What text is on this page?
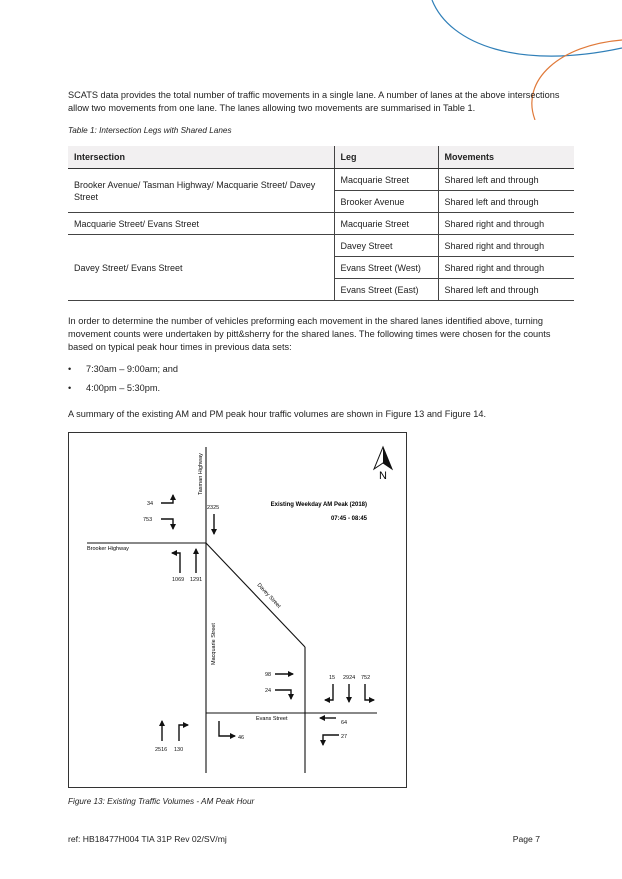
SCATS data provides the total number of traffic movements in a single lane. A number of lanes at the above intersections allow two movements from one lane. The lanes allowing two movements are summarised in Table 1.

Table 1: Intersection Legs with Shared Lanes

Intersection	Leg	Movements
Brooker Avenue/ Tasman Highway/ Macquarie Street/ Davey Street	Macquarie Street	Shared left and through
	Brooker Avenue	Shared left and through
Macquarie Street/ Evans Street	Macquarie Street	Shared right and through
Davey Street/ Evans Street	Davey Street	Shared right and through
	Evans Street (West)	Shared right and through
	Evans Street (East)	Shared left and through

In order to determine the number of vehicles preforming each movement in the shared lanes identified above, turning movement counts were undertaken by pitt&sherry for the shared lanes. The following times were chosen for the counts based on typical peak hour times in previous data sets:

• 7:30am – 9:00am; and
• 4:00pm – 5:30pm.

A summary of the existing AM and PM peak hour traffic volumes are shown in Figure 13 and Figure 14.

N
Existing Weekday AM Peak (2018)
07:45 - 08:45
Tasman Highway
Brooker Highway
Davey Street
Macquarie Street
Evans Street
34
753
2325
1069 1291
98
24
15 2924 752
64
27
46
2516 130

Figure 13: Existing Traffic Volumes - AM Peak Hour

ref: HB18477H004 TIA 31P Rev 02/SV/mj	Page 7
